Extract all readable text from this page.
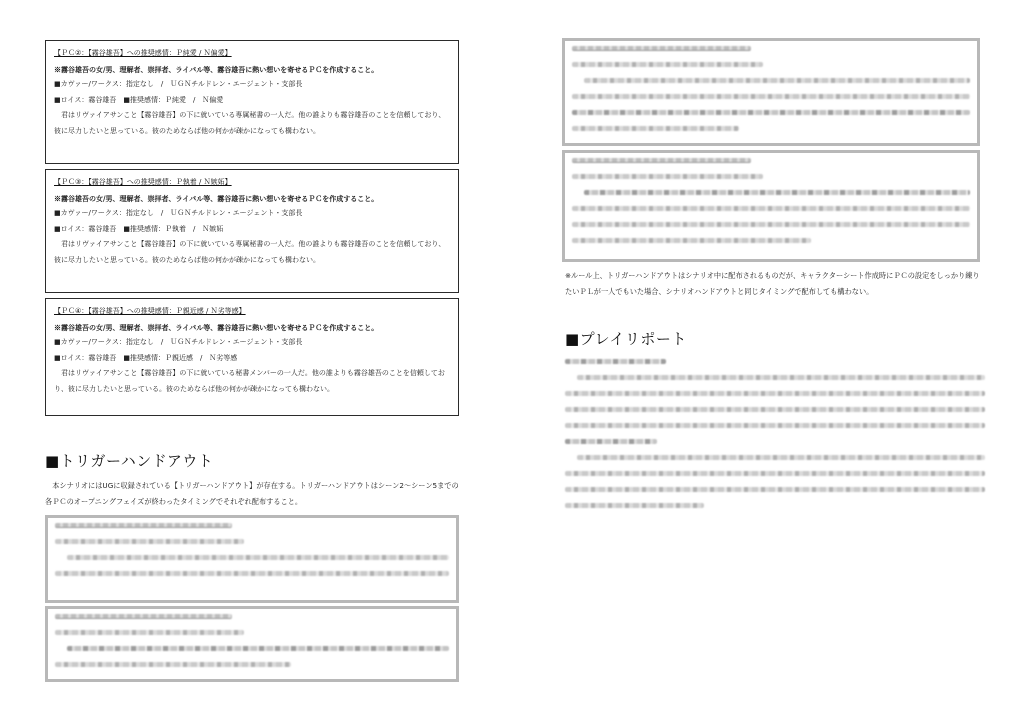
【ＰＣ②：【霧谷雄吾】への推奨感情：Ｐ純愛 / Ｎ偏愛】
※霧谷雄吾の女/男、理解者、崇拝者、ライバル等、霧谷雄吾に熱い想いを寄せるＰＣを作成すること。
■カヴァー/ワークス：指定なし　/　ＵＧＮチルドレン・エージェント・支部長
■ロイス：霧谷雄吾　■推奨感情：Ｐ純愛　/　Ｎ偏愛
君はリヴァイアサンこと【霧谷雄吾】の下に就いている専属秘書の一人だ。他の誰よりも霧谷雄吾のことを信頼しており、彼に尽力したいと思っている。彼のためならば他の何かが疎かになっても構わない。
【ＰＣ③：【霧谷雄吾】への推奨感情：Ｐ執着 / Ｎ嫉妬】
※霧谷雄吾の女/男、理解者、崇拝者、ライバル等、霧谷雄吾に熱い想いを寄せるＰＣを作成すること。
■カヴァー/ワークス：指定なし　/　ＵＧＮチルドレン・エージェント・支部長
■ロイス：霧谷雄吾　■推奨感情：Ｐ執着　/　Ｎ嫉妬
君はリヴァイアサンこと【霧谷雄吾】の下に就いている専属秘書の一人だ。他の誰よりも霧谷雄吾のことを信頼しており、彼に尽力したいと思っている。彼のためならば他の何かが疎かになっても構わない。
【ＰＣ④：【霧谷雄吾】への推奨感情：Ｐ親近感 / Ｎ劣等感】
※霧谷雄吾の女/男、理解者、崇拝者、ライバル等、霧谷雄吾に熱い想いを寄せるＰＣを作成すること。
■カヴァー/ワークス：指定なし　/　ＵＧＮチルドレン・エージェント・支部長
■ロイス：霧谷雄吾　■推奨感情：Ｐ親近感　/　Ｎ劣等感
君はリヴァイアサンこと【霧谷雄吾】の下に就いている秘書メンバーの一人だ。他の誰よりも霧谷雄吾のことを信頼しており、彼に尽力したいと思っている。彼のためならば他の何かが疎かになっても構わない。
■トリガーハンドアウト
本シナリオにはUGに収録されている【トリガーハンドアウト】が存在する。トリガーハンドアウトはシーン2～シーン5までの各ＰＣのオープニングフェイズが終わったタイミングでそれぞれ配布すること。
※ルール上、トリガーハンドアウトはシナリオ中に配布されるものだが、キャラクターシート作成時にＰＣの設定をしっかり練りたいＰＬが一人でもいた場合、シナリオハンドアウトと同じタイミングで配布しても構わない。
■プレイリポート
